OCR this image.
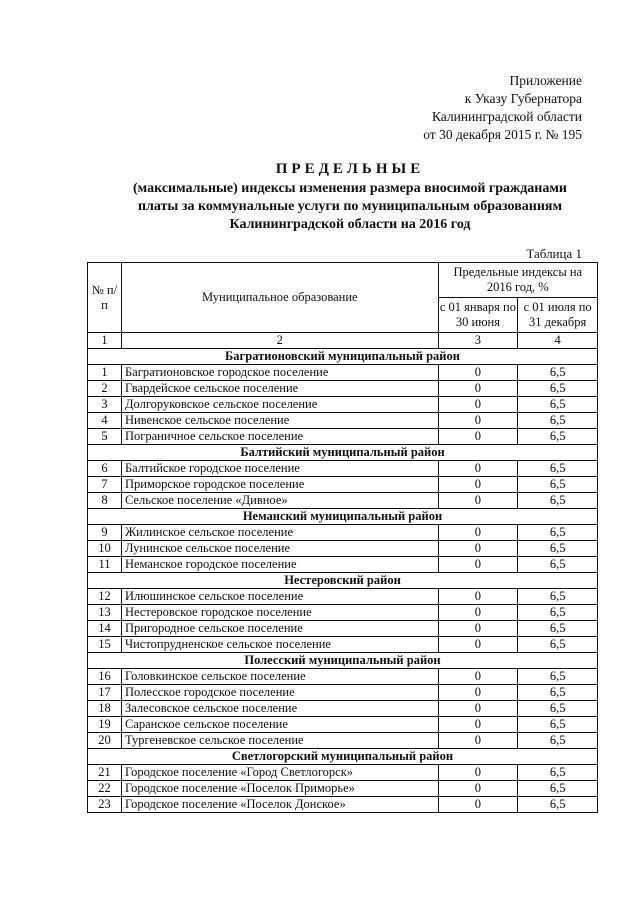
Приложение
к Указу Губернатора
Калининградской области
от 30 декабря 2015 г. № 195
ПРЕДЕЛЬНЫЕ
(максимальные) индексы изменения размера вносимой гражданами
платы за коммунальные услуги по муниципальным образованиям
Калининградской области на 2016 год
Таблица 1
№ п/п	Муниципальное образование	Предельные индексы на 2016 год, %	
		с 01 января по 30 июня	с 01 июля по 31 декабря
1	2	3	4
Багратионовский муниципальный район			
1	Багратионовское городское поселение	0	6,5
2	Гвардейское сельское поселение	0	6,5
3	Долгоруковское сельское поселение	0	6,5
4	Нивенское сельское поселение	0	6,5
5	Пограничное сельское поселение	0	6,5
Балтийский муниципальный район			
6	Балтийское городское поселение	0	6,5
7	Приморское городское поселение	0	6,5
8	Сельское поселение «Дивное»	0	6,5
Неманский муниципальный район			
9	Жилинское сельское поселение	0	6,5
10	Лунинское сельское поселение	0	6,5
11	Неманское городское поселение	0	6,5
Нестеровский район			
12	Илюшинское сельское поселение	0	6,5
13	Нестеровское городское поселение	0	6,5
14	Пригородное сельское поселение	0	6,5
15	Чистопрудненское сельское поселение	0	6,5
Полесский муниципальный район			
16	Головкинское сельское поселение	0	6,5
17	Полесское городское поселение	0	6,5
18	Залесовское сельское поселение	0	6,5
19	Саранское сельское поселение	0	6,5
20	Тургеневское сельское поселение	0	6,5
Светлогорский муниципальный район			
21	Городское поселение «Город Светлогорск»	0	6,5
22	Городское поселение «Поселок Приморье»	0	6,5
23	Городское поселение «Поселок Донское»	0	6,5
